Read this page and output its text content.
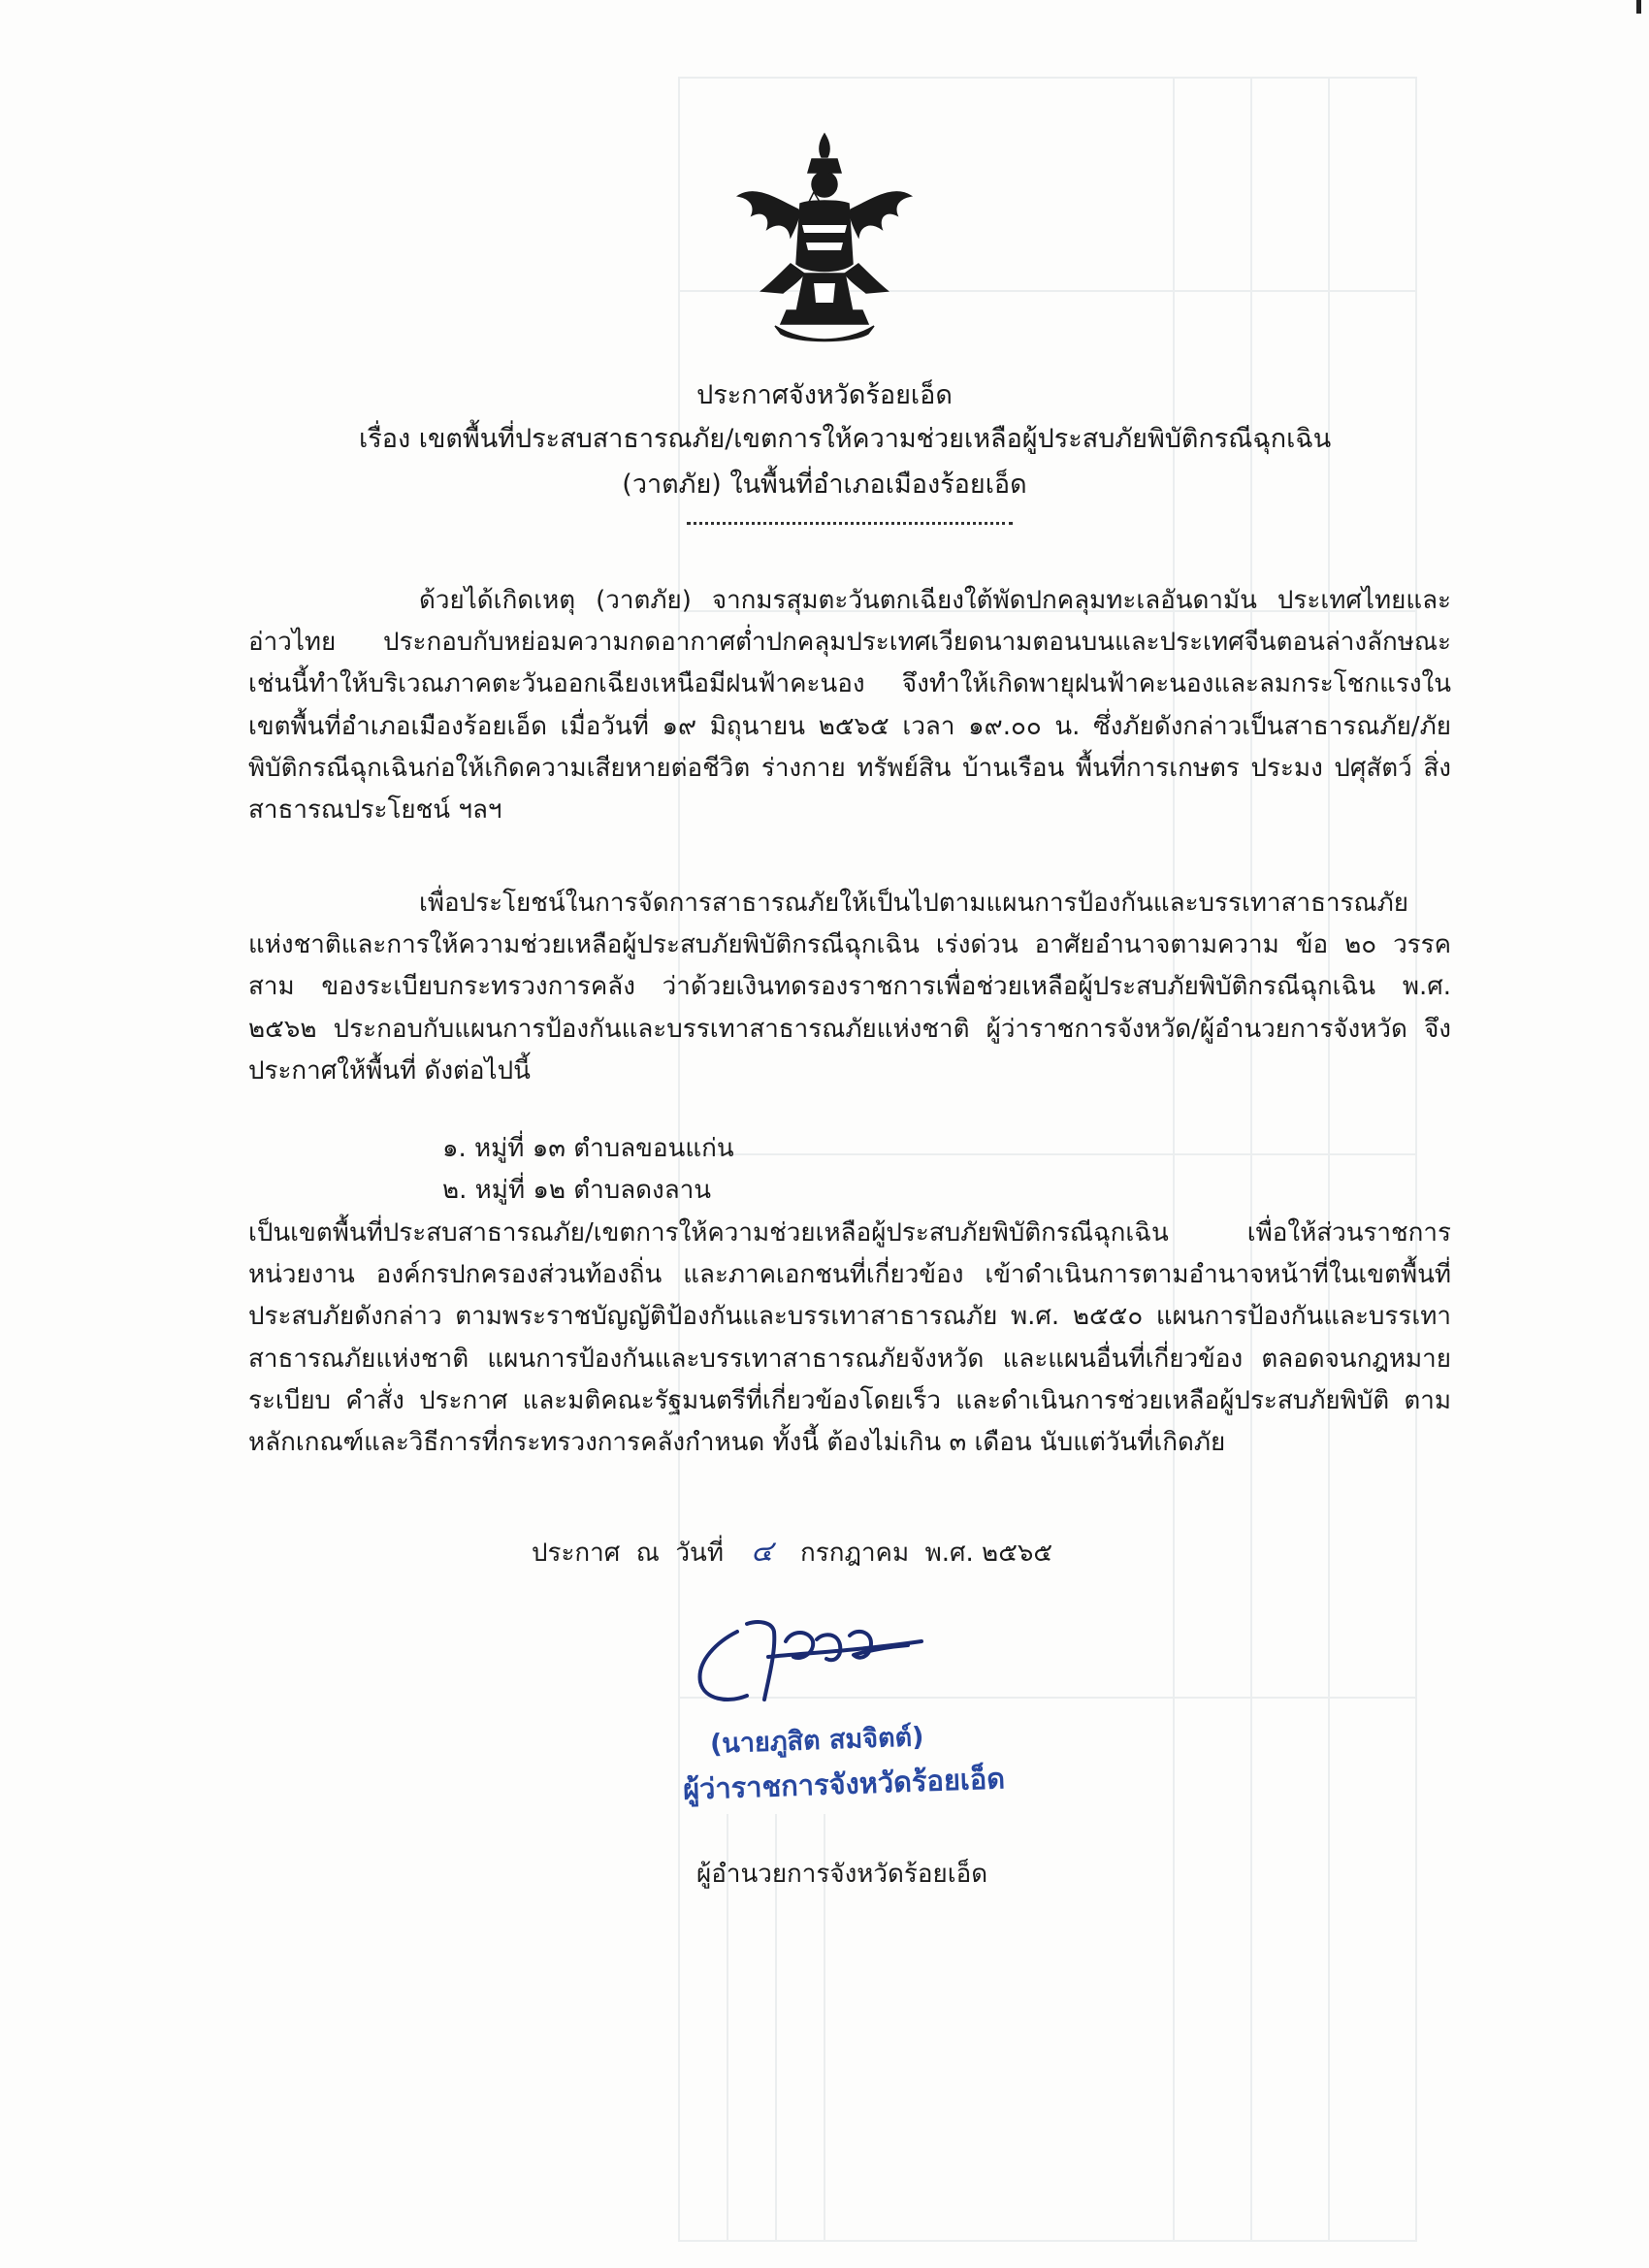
ประกาศจังหวัดร้อยเอ็ด
เรื่อง เขตพื้นที่ประสบสาธารณภัย/เขตการให้ความช่วยเหลือผู้ประสบภัยพิบัติกรณีฉุกเฉิน
(วาตภัย) ในพื้นที่อำเภอเมืองร้อยเอ็ด
ด้วยได้เกิดเหตุ (วาตภัย) จากมรสุมตะวันตกเฉียงใต้พัดปกคลุมทะเลอันดามัน ประเทศไทยและอ่าวไทย ประกอบกับหย่อมความกดอากาศต่ำปกคลุมประเทศเวียดนามตอนบนและประเทศจีนตอนล่างลักษณะเช่นนี้ทำให้บริเวณภาคตะวันออกเฉียงเหนือมีฝนฟ้าคะนอง จึงทำให้เกิดพายุฝนฟ้าคะนองและลมกระโชกแรงในเขตพื้นที่อำเภอเมืองร้อยเอ็ด เมื่อวันที่ ๑๙ มิถุนายน ๒๕๖๕ เวลา ๑๙.๐๐ น. ซึ่งภัยดังกล่าวเป็นสาธารณภัย/ภัยพิบัติกรณีฉุกเฉินก่อให้เกิดความเสียหายต่อชีวิต ร่างกาย ทรัพย์สิน บ้านเรือน พื้นที่การเกษตร ประมง ปศุสัตว์ สิ่งสาธารณประโยชน์ ฯลฯ
เพื่อประโยชน์ในการจัดการสาธารณภัยให้เป็นไปตามแผนการป้องกันและบรรเทาสาธารณภัยแห่งชาติและการให้ความช่วยเหลือผู้ประสบภัยพิบัติกรณีฉุกเฉิน เร่งด่วน อาศัยอำนาจตามความ ข้อ ๒๐ วรรคสาม ของระเบียบกระทรวงการคลัง ว่าด้วยเงินทดรองราชการเพื่อช่วยเหลือผู้ประสบภัยพิบัติกรณีฉุกเฉิน พ.ศ. ๒๕๖๒ ประกอบกับแผนการป้องกันและบรรเทาสาธารณภัยแห่งชาติ ผู้ว่าราชการจังหวัด/ผู้อำนวยการจังหวัด จึงประกาศให้พื้นที่ ดังต่อไปนี้
๑. หมู่ที่ ๑๓ ตำบลขอนแก่น
๒. หมู่ที่ ๑๒ ตำบลดงลาน
เป็นเขตพื้นที่ประสบสาธารณภัย/เขตการให้ความช่วยเหลือผู้ประสบภัยพิบัติกรณีฉุกเฉิน เพื่อให้ส่วนราชการ หน่วยงาน องค์กรปกครองส่วนท้องถิ่น และภาคเอกชนที่เกี่ยวข้อง เข้าดำเนินการตามอำนาจหน้าที่ในเขตพื้นที่ ประสบภัยดังกล่าว ตามพระราชบัญญัติป้องกันและบรรเทาสาธารณภัย พ.ศ. ๒๕๕๐ แผนการป้องกันและบรรเทาสาธารณภัยแห่งชาติ แผนการป้องกันและบรรเทาสาธารณภัยจังหวัด และแผนอื่นที่เกี่ยวข้อง ตลอดจนกฎหมาย ระเบียบ คำสั่ง ประกาศ และมติคณะรัฐมนตรีที่เกี่ยวข้องโดยเร็ว และดำเนินการช่วยเหลือผู้ประสบภัยพิบัติ ตามหลักเกณฑ์และวิธีการที่กระทรวงการคลังกำหนด ทั้งนี้ ต้องไม่เกิน ๓ เดือน นับแต่วันที่เกิดภัย
ประกาศ  ณ  วันที่ ๔ กรกฎาคม  พ.ศ. ๒๕๖๕
(นายภูสิต สมจิตต์)
ผู้ว่าราชการจังหวัดร้อยเอ็ด
ผู้อำนวยการจังหวัดร้อยเอ็ด
